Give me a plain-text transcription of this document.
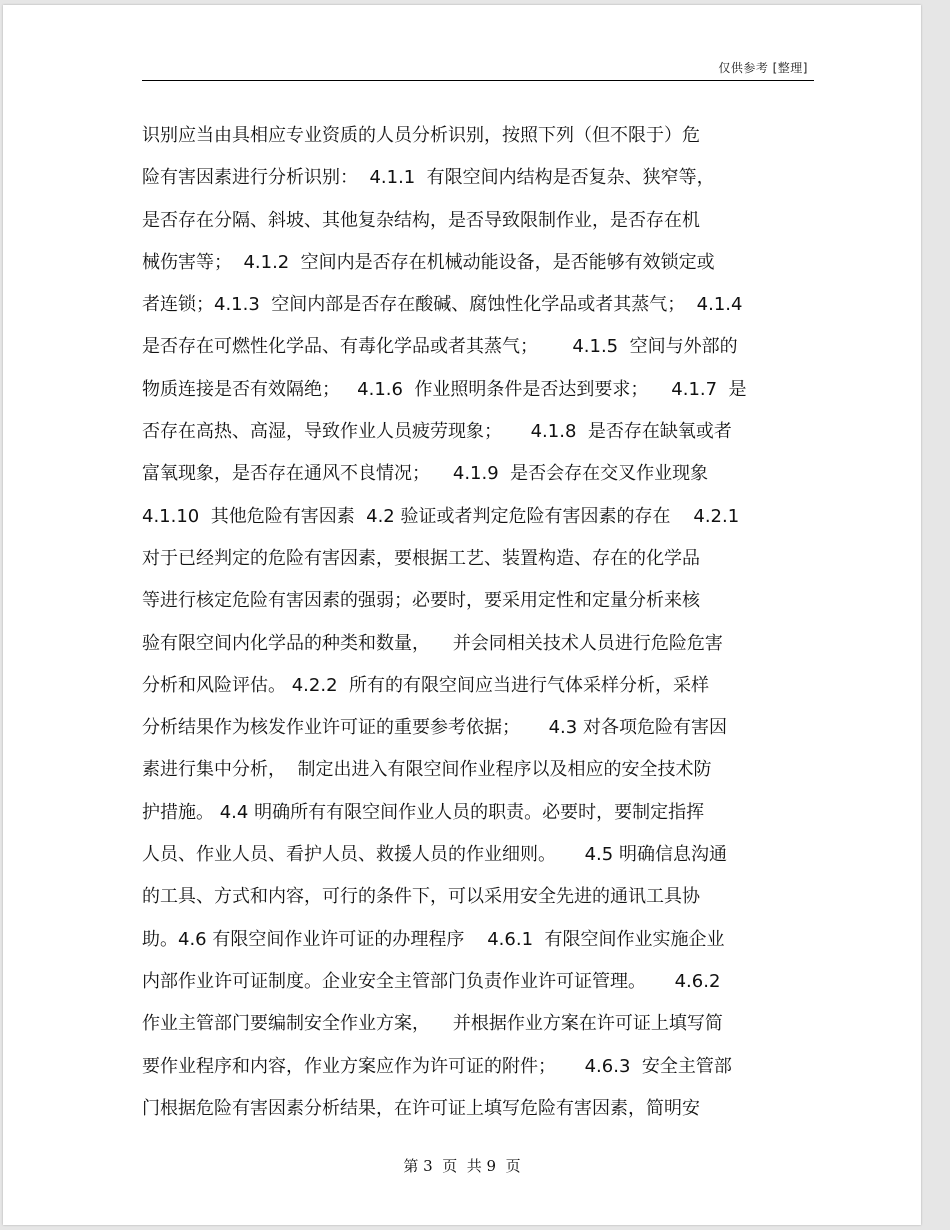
仅供参考 [整理]
识别应当由具相应专业资质的人员分析识别，按照下列（但不限于）危
险有害因素进行分析识别：  4.1.1  有限空间内结构是否复杂、狭窄等，
是否存在分隔、斜坡、其他复杂结构，是否导致限制作业，是否存在机
械伤害等；  4.1.2  空间内是否存在机械动能设备，是否能够有效锁定或
者连锁；4.1.3  空间内部是否存在酸碱、腐蚀性化学品或者其蒸气；  4.1.4
是否存在可燃性化学品、有毒化学品或者其蒸气；      4.1.5  空间与外部的
物质连接是否有效隔绝；   4.1.6  作业照明条件是否达到要求；    4.1.7  是
否存在高热、高湿，导致作业人员疲劳现象；     4.1.8  是否存在缺氧或者
富氧现象，是否存在通风不良情况；    4.1.9  是否会存在交叉作业现象
4.1.10  其他危险有害因素  4.2 验证或者判定危险有害因素的存在    4.2.1
对于已经判定的危险有害因素，要根据工艺、装置构造、存在的化学品
等进行核定危险有害因素的强弱；必要时，要采用定性和定量分析来核
验有限空间内化学品的种类和数量，    并会同相关技术人员进行危险危害
分析和风险评估。 4.2.2  所有的有限空间应当进行气体采样分析，采样
分析结果作为核发作业许可证的重要参考依据；     4.3 对各项危险有害因
素进行集中分析，  制定出进入有限空间作业程序以及相应的安全技术防
护措施。 4.4 明确所有有限空间作业人员的职责。必要时，要制定指挥
人员、作业人员、看护人员、救援人员的作业细则。     4.5 明确信息沟通
的工具、方式和内容，可行的条件下，可以采用安全先进的通讯工具协
助。4.6 有限空间作业许可证的办理程序    4.6.1  有限空间作业实施企业
内部作业许可证制度。企业安全主管部门负责作业许可证管理。     4.6.2
作业主管部门要编制安全作业方案，    并根据作业方案在许可证上填写简
要作业程序和内容，作业方案应作为许可证的附件；     4.6.3  安全主管部
门根据危险有害因素分析结果，在许可证上填写危险有害因素，简明安
第 3  页  共 9  页
